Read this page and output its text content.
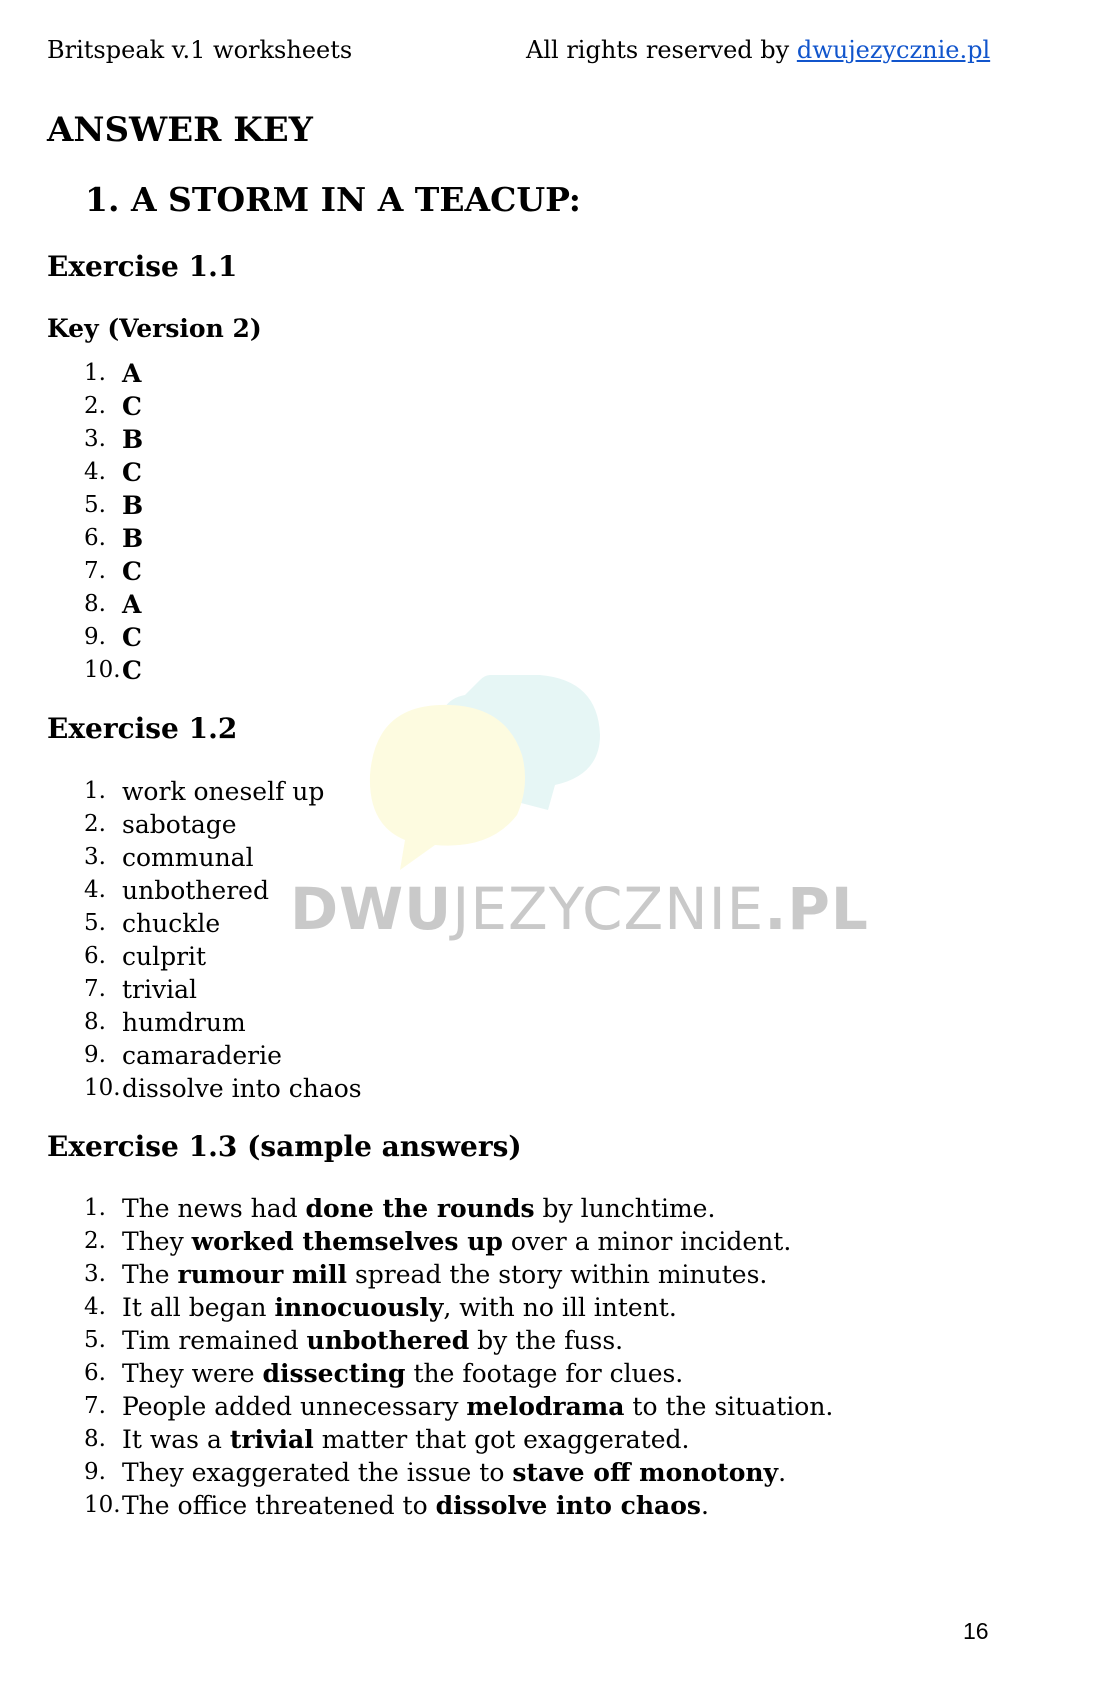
Britspeak v.1 worksheets	All rights reserved by dwujezycznie.pl
DWUJEZYCZNIE.PL
ANSWER KEY
1. A STORM IN A TEACUP:
Exercise 1.1
Key (Version 2)
1. A
2. C
3. B
4. C
5. B
6. B
7. C
8. A
9. C
10. C
Exercise 1.2
1. work oneself up
2. sabotage
3. communal
4. unbothered
5. chuckle
6. culprit
7. trivial
8. humdrum
9. camaraderie
10. dissolve into chaos
Exercise 1.3 (sample answers)
1. The news had done the rounds by lunchtime.
2. They worked themselves up over a minor incident.
3. The rumour mill spread the story within minutes.
4. It all began innocuously, with no ill intent.
5. Tim remained unbothered by the fuss.
6. They were dissecting the footage for clues.
7. People added unnecessary melodrama to the situation.
8. It was a trivial matter that got exaggerated.
9. They exaggerated the issue to stave off monotony.
10. The office threatened to dissolve into chaos.
16
